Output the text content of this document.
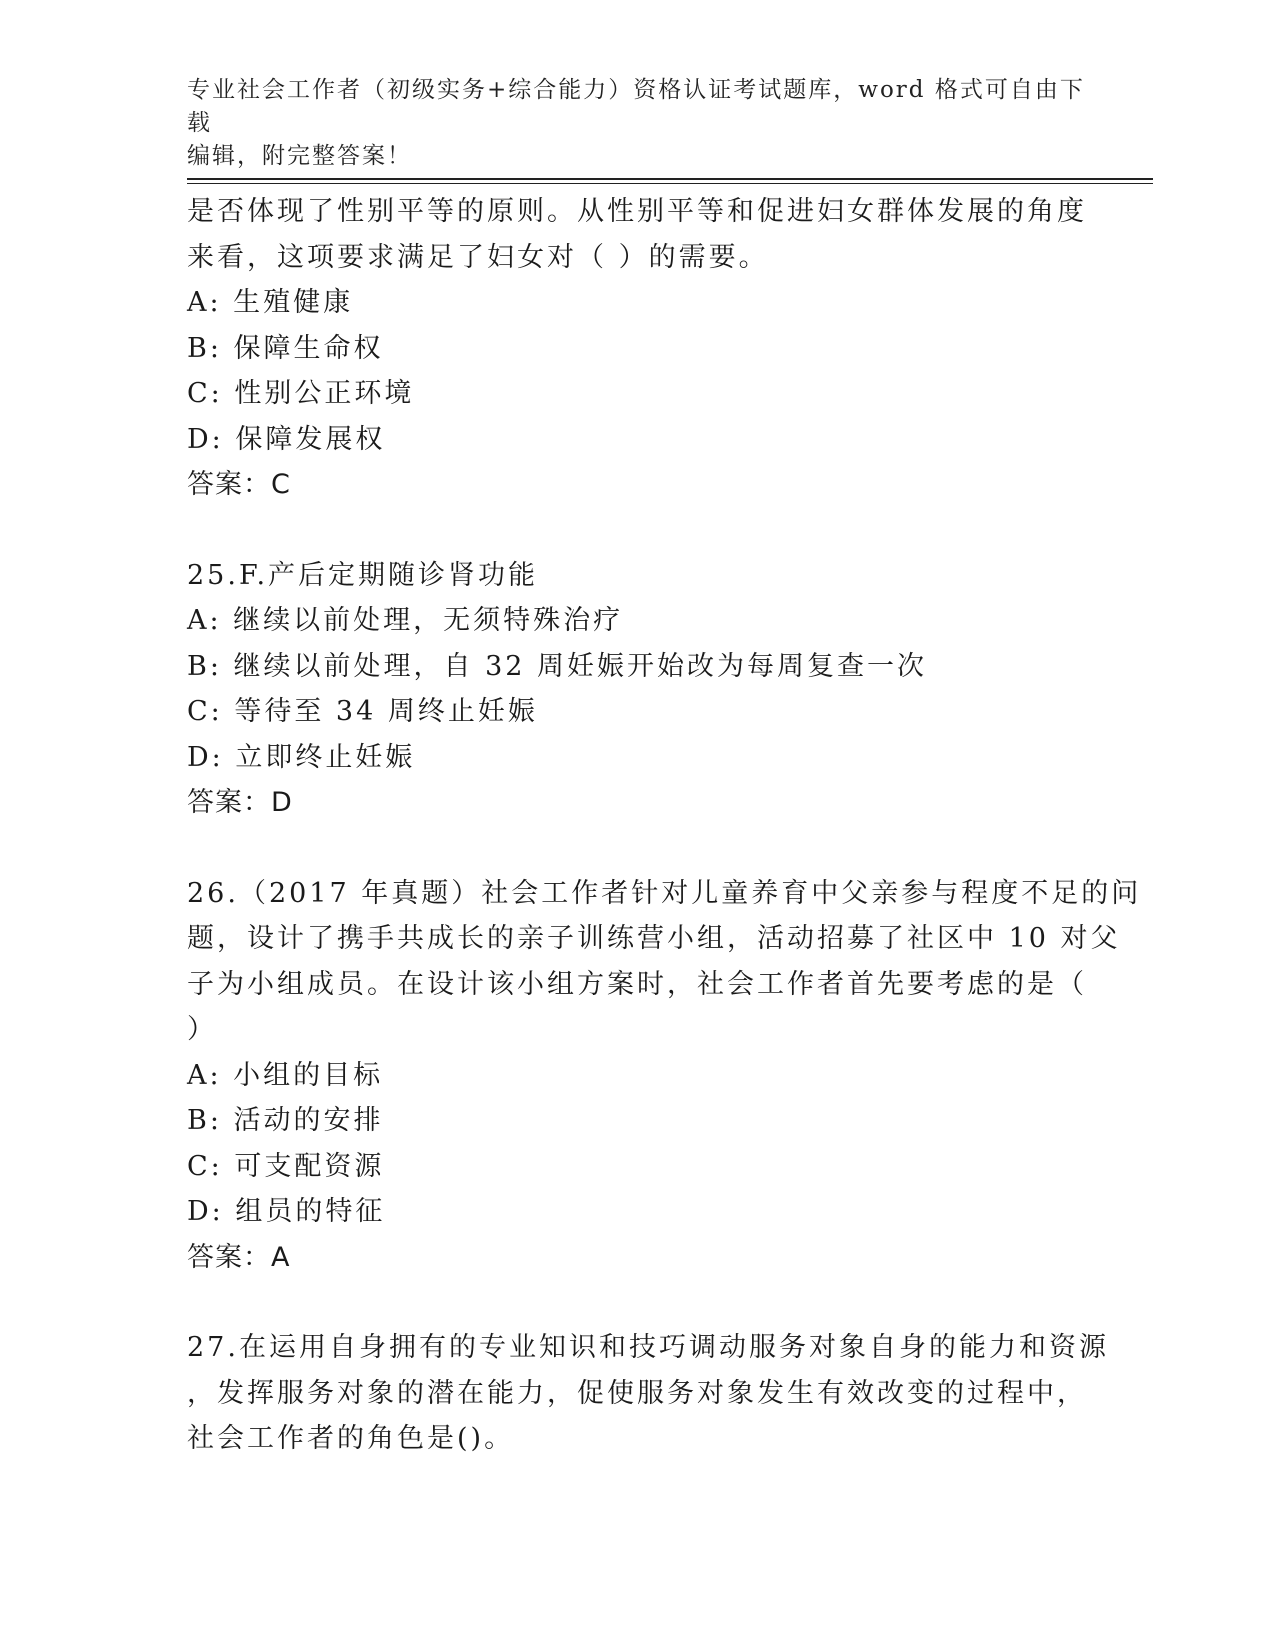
专业社会工作者（初级实务+综合能力）资格认证考试题库，word 格式可自由下载
编辑，附完整答案！

是否体现了性别平等的原则。从性别平等和促进妇女群体发展的角度

来看，这项要求满足了妇女对（ ）的需要。

A: 生殖健康
B: 保障生命权
C: 性别公正环境
D: 保障发展权
答案：C

25.F.产后定期随诊肾功能

A: 继续以前处理，无须特殊治疗
B: 继续以前处理，自 32 周妊娠开始改为每周复查一次
C: 等待至 34 周终止妊娠
D: 立即终止妊娠
答案：D

26.（2017 年真题）社会工作者针对儿童养育中父亲参与程度不足的问

题，设计了携手共成长的亲子训练营小组，活动招募了社区中 10 对父

子为小组成员。在设计该小组方案时，社会工作者首先要考虑的是（

）

A: 小组的目标
B: 活动的安排
C: 可支配资源
D: 组员的特征
答案：A

27.在运用自身拥有的专业知识和技巧调动服务对象自身的能力和资源

，发挥服务对象的潜在能力，促使服务对象发生有效改变的过程中，

社会工作者的角色是()。
